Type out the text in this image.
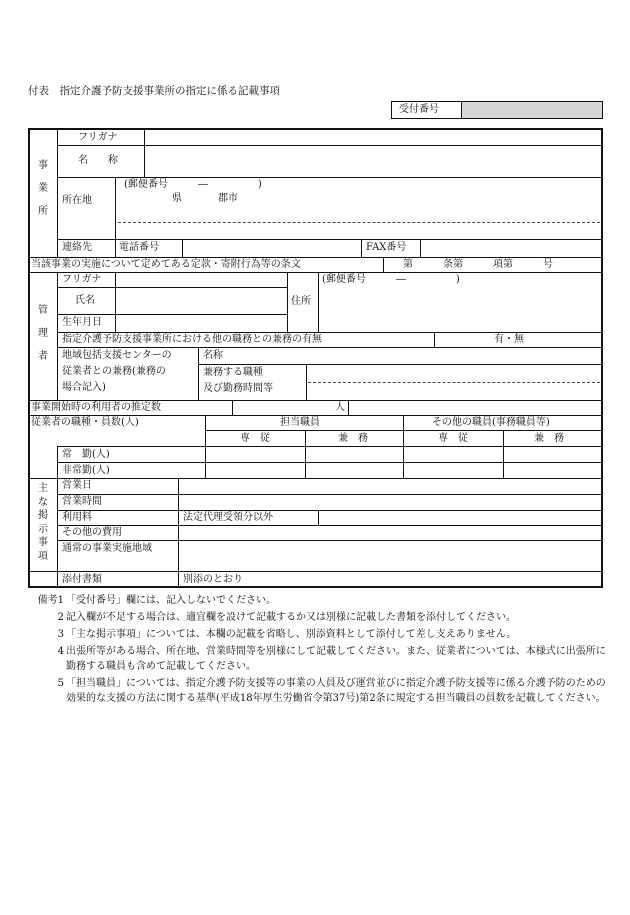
付表　指定介護予防支援事業所の指定に係る記載事項
受付番号
事
業
所
フリガナ
名　　称
所在地
(郵便番号　　　―　　　　　)
県	郡市
連絡先	電話番号	FAX番号
当該事業の実施について定めてある定款・寄附行為等の条文	第　　　条第　　　項第　　　号
管
理
者
フリガナ
氏名
生年月日
住所
(郵便番号　　　―　　　　　)
指定介護予防支援事業所における他の職務との兼務の有無	有・無
地域包括支援センターの
従業者との兼務(兼務の
場合記入)
名称
兼務する職種
及び勤務時間等
事業開始時の利用者の推定数	人
従業者の職種・員数(人)	担当職員	その他の職員(事務職員等)
専　従	兼　務	専　従	兼　務
常　勤(人)
非常勤(人)
主
な
掲
示
事
項
営業日
営業時間
利用料	法定代理受領分以外
その他の費用
通常の事業実施地域
添付書類	別添のとおり
備考1 「受付番号」欄には、記入しないでください。
2 記入欄が不足する場合は、適宜欄を設けて記載するか又は別様に記載した書類を添付してください。
3 「主な掲示事項」については、本欄の記載を省略し、別添資料として添付して差し支えありません。
4 出張所等がある場合、所在地、営業時間等を別様にして記載してください。また、従業者については、本様式に出張所に勤務する職員も含めて記載してください。
5 「担当職員」については、指定介護予防支援等の事業の人員及び運営並びに指定介護予防支援等に係る介護予防のための効果的な支援の方法に関する基準(平成18年厚生労働省令第37号)第2条に規定する担当職員の員数を記載してください。
